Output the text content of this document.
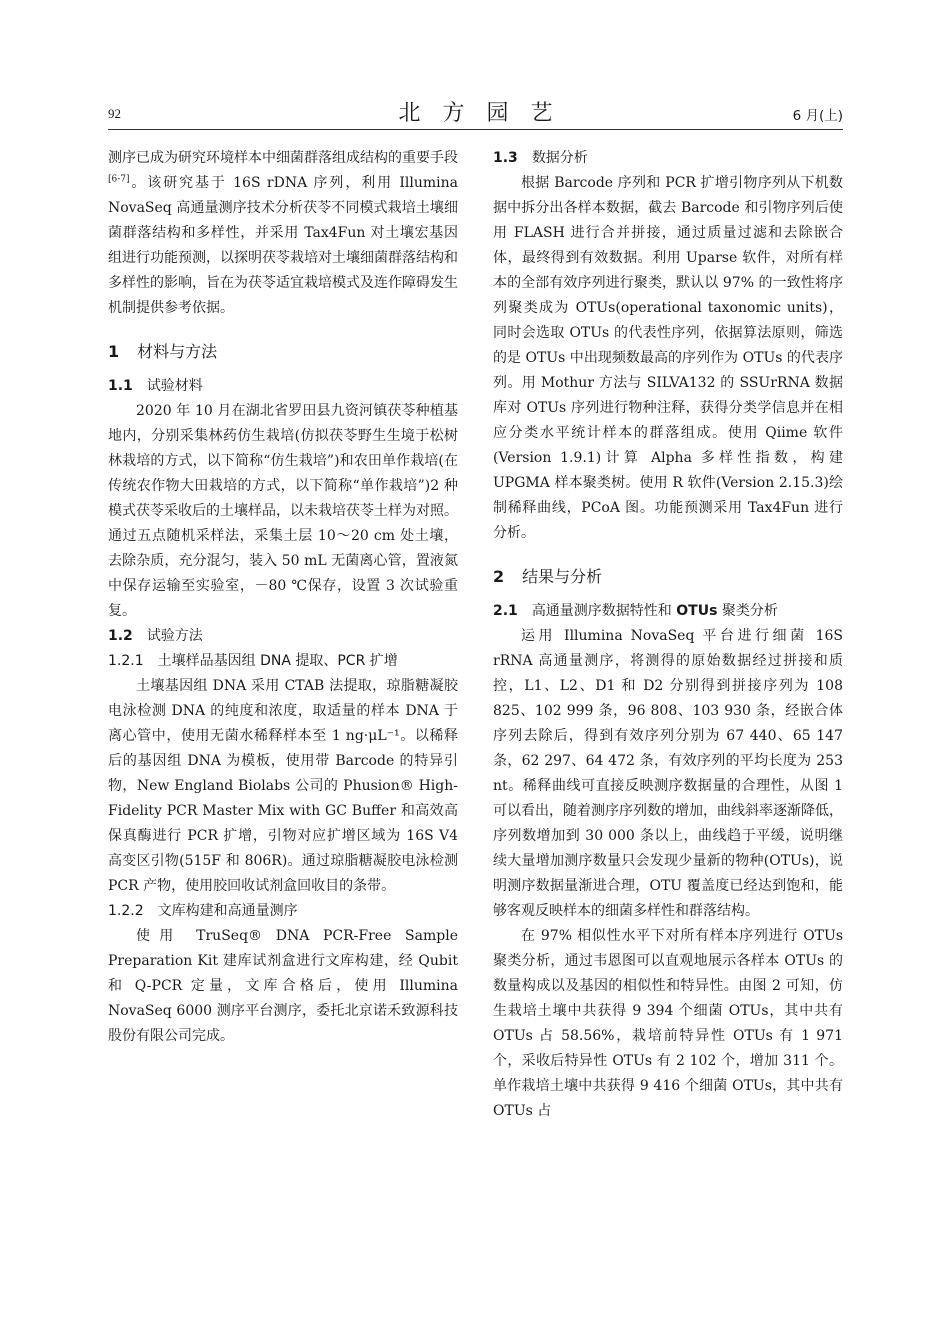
92	北方园艺	6 月(上)

测序已成为研究环境样本中细菌群落组成结构的重要手段[6-7]。该研究基于 16S rDNA 序列，利用 Illumina NovaSeq 高通量测序技术分析茯苓不同模式栽培土壤细菌群落结构和多样性，并采用 Tax4Fun 对土壤宏基因组进行功能预测，以探明茯苓栽培对土壤细菌群落结构和多样性的影响，旨在为茯苓适宜栽培模式及连作障碍发生机制提供参考依据。

1 材料与方法
1.1 试验材料

2020 年 10 月在湖北省罗田县九资河镇茯苓种植基地内，分别采集林药仿生栽培(仿拟茯苓野生生境于松树林栽培的方式，以下简称“仿生栽培”)和农田单作栽培(在传统农作物大田栽培的方式，以下简称“单作栽培”)2 种模式茯苓采收后的土壤样品，以未栽培茯苓土样为对照。通过五点随机采样法，采集土层 10～20 cm 处土壤，去除杂质，充分混匀，装入 50 mL 无菌离心管，置液氮中保存运输至实验室，－80 ℃保存，设置 3 次试验重复。

1.2 试验方法
1.2.1 土壤样品基因组 DNA 提取、PCR 扩增

土壤基因组 DNA 采用 CTAB 法提取，琼脂糖凝胶电泳检测 DNA 的纯度和浓度，取适量的样本 DNA 于离心管中，使用无菌水稀释样本至 1 ng·μL⁻¹。以稀释后的基因组 DNA 为模板，使用带 Barcode 的特异引物，New England Biolabs 公司的 Phusion® High-Fidelity PCR Master Mix with GC Buffer 和高效高保真酶进行 PCR 扩增，引物对应扩增区域为 16S V4 高变区引物(515F 和 806R)。通过琼脂糖凝胶电泳检测 PCR 产物，使用胶回收试剂盒回收目的条带。

1.2.2 文库构建和高通量测序

使用 TruSeq® DNA PCR-Free Sample Preparation Kit 建库试剂盒进行文库构建，经 Qubit 和 Q-PCR 定量，文库合格后，使用 Illumina NovaSeq 6000 测序平台测序，委托北京诺禾致源科技股份有限公司完成。

1.3 数据分析

根据 Barcode 序列和 PCR 扩增引物序列从下机数据中拆分出各样本数据，截去 Barcode 和引物序列后使用 FLASH 进行合并拼接，通过质量过滤和去除嵌合体，最终得到有效数据。利用 Uparse 软件，对所有样本的全部有效序列进行聚类，默认以 97% 的一致性将序列聚类成为 OTUs(operational taxonomic units)，同时会选取 OTUs 的代表性序列，依据算法原则，筛选的是 OTUs 中出现频数最高的序列作为 OTUs 的代表序列。用 Mothur 方法与 SILVA132 的 SSUrRNA 数据库对 OTUs 序列进行物种注释，获得分类学信息并在相应分类水平统计样本的群落组成。使用 Qiime 软件(Version 1.9.1)计算 Alpha 多样性指数，构建 UPGMA 样本聚类树。使用 R 软件(Version 2.15.3)绘制稀释曲线，PCoA 图。功能预测采用 Tax4Fun 进行分析。

2 结果与分析
2.1 高通量测序数据特性和 OTUs 聚类分析

运用 Illumina NovaSeq 平台进行细菌 16S rRNA 高通量测序，将测得的原始数据经过拼接和质控，L1、L2、D1 和 D2 分别得到拼接序列为 108 825、102 999 条，96 808、103 930 条，经嵌合体序列去除后，得到有效序列分别为 67 440、65 147 条，62 297、64 472 条，有效序列的平均长度为 253 nt。稀释曲线可直接反映测序数据量的合理性，从图 1 可以看出，随着测序序列数的增加，曲线斜率逐渐降低，序列数增加到 30 000 条以上，曲线趋于平缓，说明继续大量增加测序数量只会发现少量新的物种(OTUs)，说明测序数据量渐进合理，OTU 覆盖度已经达到饱和，能够客观反映样本的细菌多样性和群落结构。

在 97% 相似性水平下对所有样本序列进行 OTUs 聚类分析，通过韦恩图可以直观地展示各样本 OTUs 的数量构成以及基因的相似性和特异性。由图 2 可知，仿生栽培土壤中共获得 9 394 个细菌 OTUs，其中共有 OTUs 占 58.56%，栽培前特异性 OTUs 有 1 971 个，采收后特异性 OTUs 有 2 102 个，增加 311 个。单作栽培土壤中共获得 9 416 个细菌 OTUs，其中共有 OTUs 占
